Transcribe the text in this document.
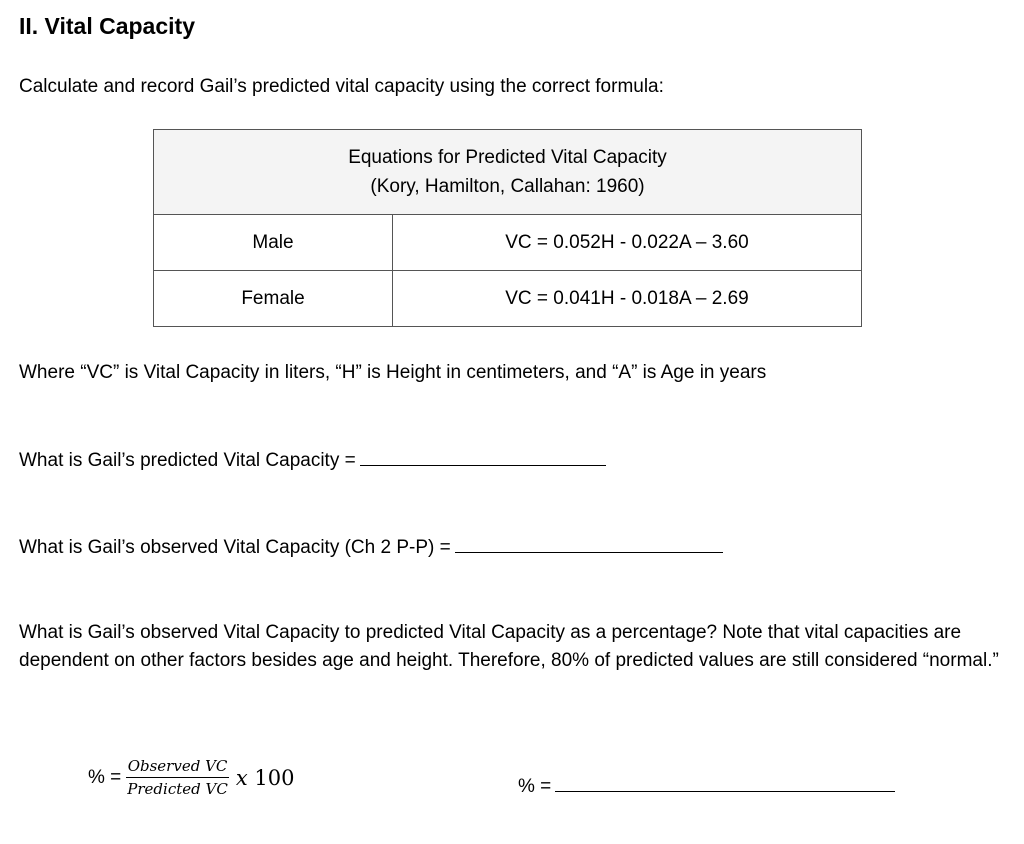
II. Vital Capacity
Calculate and record Gail’s predicted vital capacity using the correct formula:
Equations for Predicted Vital Capacity
(Kory, Hamilton, Callahan: 1960)	

Male	VC = 0.052H - 0.022A – 3.60
Female	VC = 0.041H - 0.018A – 2.69
Where “VC” is Vital Capacity in liters, “H” is Height in centimeters, and “A” is Age in years
What is Gail’s predicted Vital Capacity =
What is Gail’s observed Vital Capacity (Ch 2 P-P) =
What is Gail’s observed Vital Capacity to predicted Vital Capacity as a percentage? Note that vital capacities are dependent on other factors besides age and height. Therefore, 80% of predicted values are still considered “normal.”
% = $\frac{\text{Observed VC}}{\text{Predicted VC}}$ x 100	% =
